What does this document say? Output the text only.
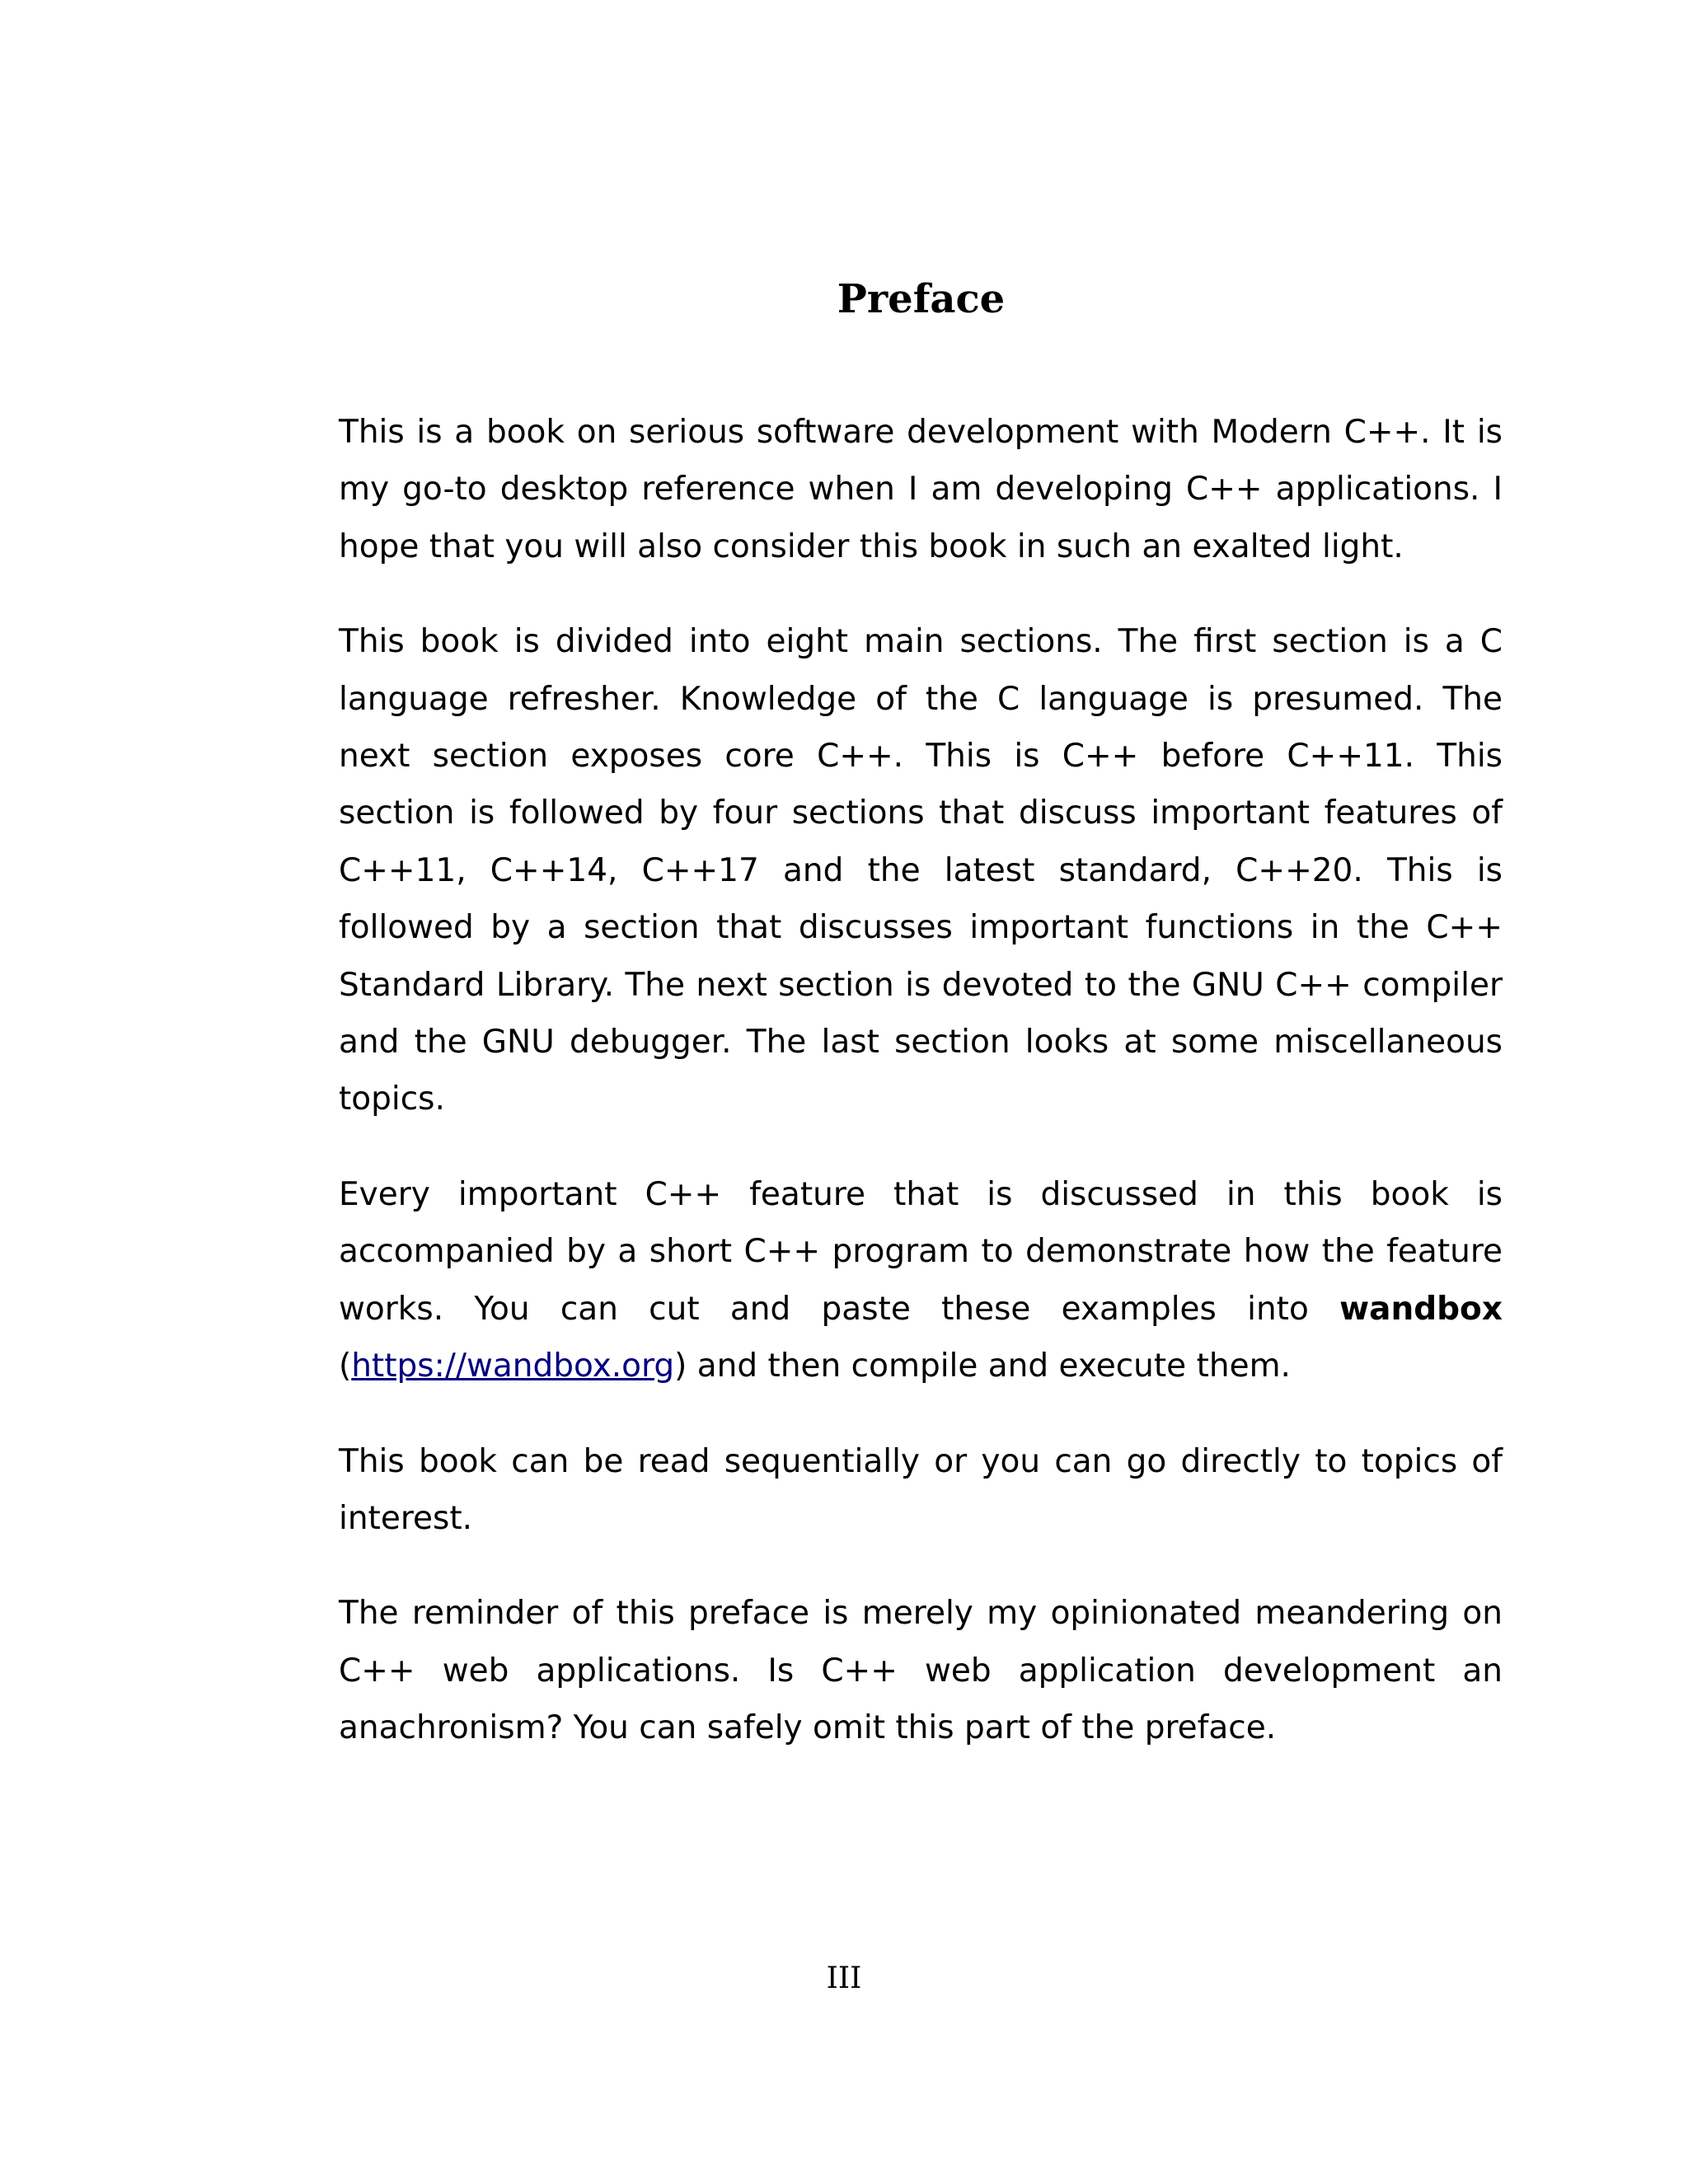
Preface

This is a book on serious software development with Modern C++. It is my go-to desktop reference when I am developing C++ applications. I hope that you will also consider this book in such an exalted light.

This book is divided into eight main sections. The first section is a C language refresher. Knowledge of the C language is presumed. The next section exposes core C++. This is C++ before C++11. This section is followed by four sections that discuss important features of C++11, C++14, C++17 and the latest standard, C++20. This is followed by a section that discusses important functions in the C++ Standard Library. The next section is devoted to the GNU C++ compiler and the GNU debugger. The last section looks at some miscellaneous topics.

Every important C++ feature that is discussed in this book is accompanied by a short C++ program to demonstrate how the feature works. You can cut and paste these examples into wandbox (https://wandbox.org) and then compile and execute them.

This book can be read sequentially or you can go directly to topics of interest.

The reminder of this preface is merely my opinionated meandering on C++ web applications. Is C++ web application development an anachronism? You can safely omit this part of the preface.

III
